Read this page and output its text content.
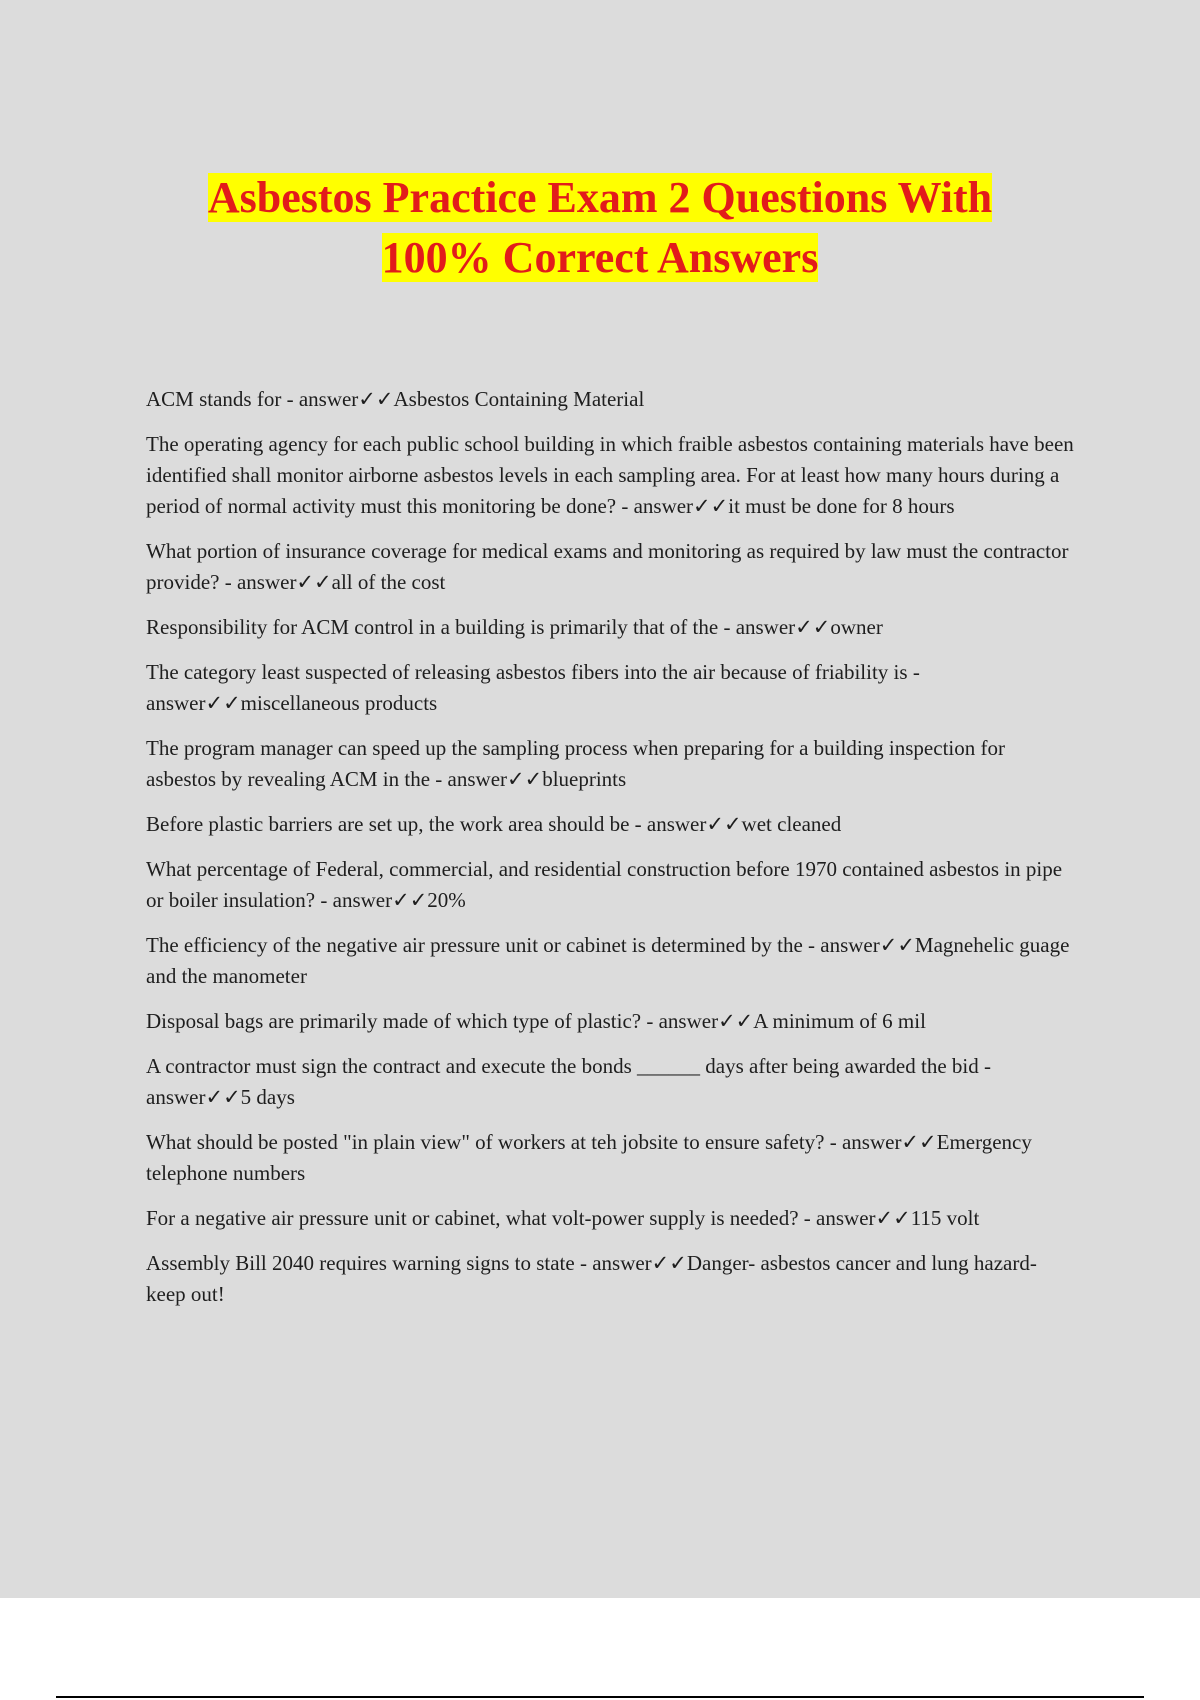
Asbestos Practice Exam 2 Questions With
100% Correct Answers
ACM stands for - answer✓✓Asbestos Containing Material
The operating agency for each public school building in which fraible asbestos containing materials have been identified shall monitor airborne asbestos levels in each sampling area. For at least how many hours during a period of normal activity must this monitoring be done? - answer✓✓it must be done for 8 hours
What portion of insurance coverage for medical exams and monitoring as required by law must the contractor provide? - answer✓✓all of the cost
Responsibility for ACM control in a building is primarily that of the - answer✓✓owner
The category least suspected of releasing asbestos fibers into the air because of friability is - answer✓✓miscellaneous products
The program manager can speed up the sampling process when preparing for a building inspection for asbestos by revealing ACM in the - answer✓✓blueprints
Before plastic barriers are set up, the work area should be - answer✓✓wet cleaned
What percentage of Federal, commercial, and residential construction before 1970 contained asbestos in pipe or boiler insulation? - answer✓✓20%
The efficiency of the negative air pressure unit or cabinet is determined by the - answer✓✓Magnehelic guage and the manometer
Disposal bags are primarily made of which type of plastic? - answer✓✓A minimum of 6 mil
A contractor must sign the contract and execute the bonds ______ days after being awarded the bid - answer✓✓5 days
What should be posted "in plain view" of workers at teh jobsite to ensure safety? - answer✓✓Emergency telephone numbers
For a negative air pressure unit or cabinet, what volt-power supply is needed? - answer✓✓115 volt
Assembly Bill 2040 requires warning signs to state - answer✓✓Danger- asbestos cancer and lung hazard- keep out!
